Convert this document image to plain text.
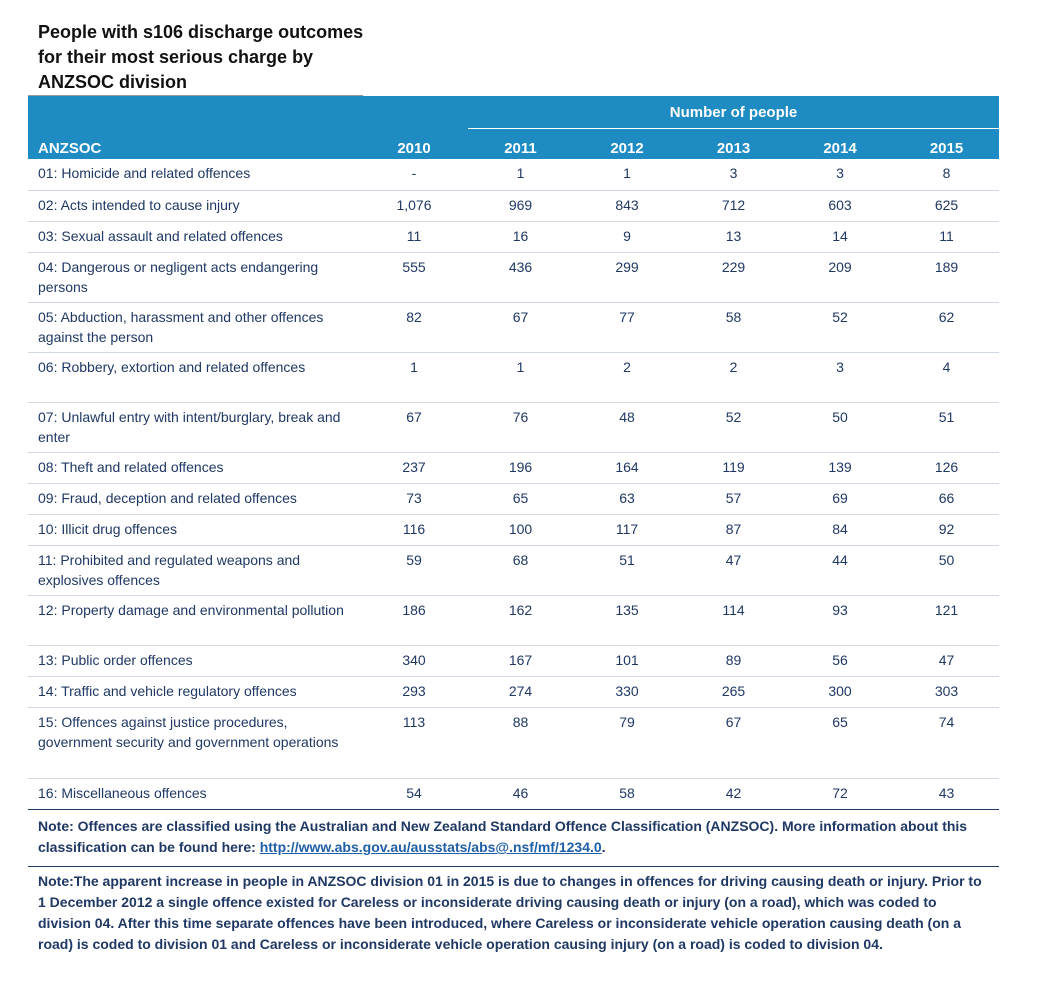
People with s106 discharge outcomes for their most serious charge by ANZSOC division
		Number of people				
ANZSOC	2010	2011	2012	2013	2014	2015
01: Homicide and related offences	-	1	1	3	3	8
02: Acts intended to cause injury	1,076	969	843	712	603	625
03: Sexual assault and related offences	11	16	9	13	14	11
04: Dangerous or negligent acts endangering persons	555	436	299	229	209	189
05: Abduction, harassment and other offences against the person	82	67	77	58	52	62
06: Robbery, extortion and related offences	1	1	2	2	3	4
07: Unlawful entry with intent/burglary, break and enter	67	76	48	52	50	51
08: Theft and related offences	237	196	164	119	139	126
09: Fraud, deception and related offences	73	65	63	57	69	66
10: Illicit drug offences	116	100	117	87	84	92
11: Prohibited and regulated weapons and explosives offences	59	68	51	47	44	50
12: Property damage and environmental pollution	186	162	135	114	93	121
13: Public order offences	340	167	101	89	56	47
14: Traffic and vehicle regulatory offences	293	274	330	265	300	303
15: Offences against justice procedures, government security and government operations	113	88	79	67	65	74
16: Miscellaneous offences	54	46	58	42	72	43

Note: Offences are classified using the Australian and New Zealand Standard Offence Classification (ANZSOC). More information about this classification can be found here: http://www.abs.gov.au/ausstats/abs@.nsf/mf/1234.0.

Note:The apparent increase in people in ANZSOC division 01 in 2015 is due to changes in offences for driving causing death or injury. Prior to 1 December 2012 a single offence existed for Careless or inconsiderate driving causing death or injury (on a road), which was coded to division 04. After this time separate offences have been introduced, where Careless or inconsiderate vehicle operation causing death (on a road) is coded to division 01 and Careless or inconsiderate vehicle operation causing injury (on a road) is coded to division 04.
